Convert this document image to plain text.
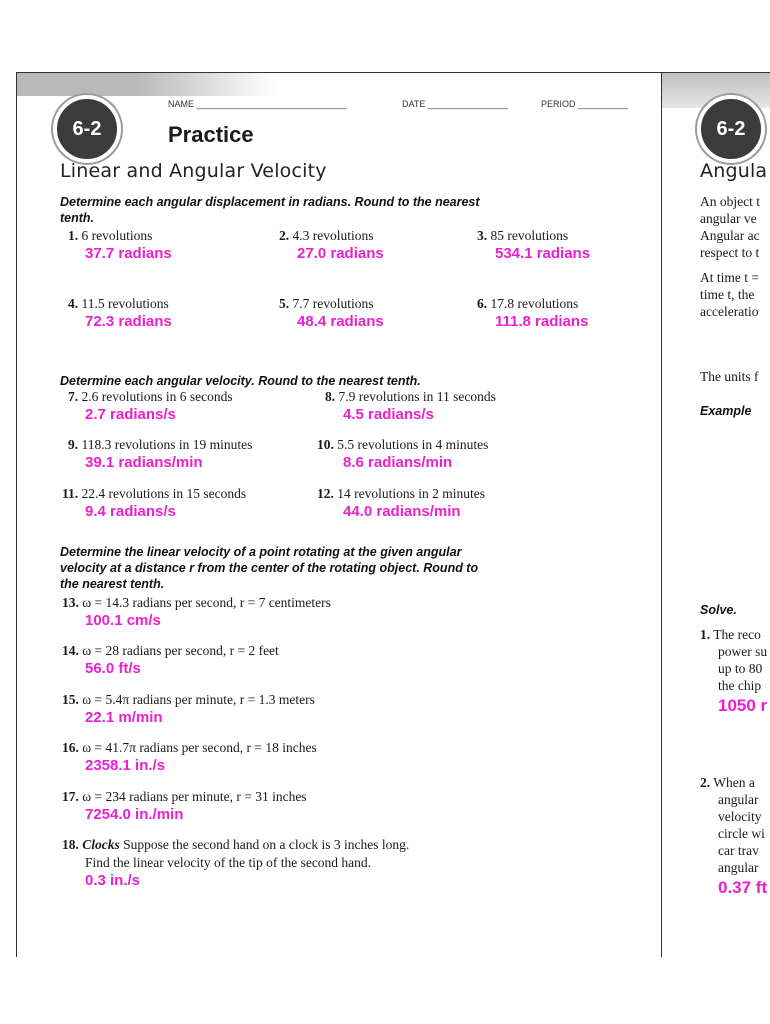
6-2
NAME ______________________________	DATE ________________	PERIOD __________
Practice
Linear and Angular Velocity
Determine each angular displacement in radians. Round to the nearest tenth.
1. 6 revolutions
37.7 radians
2. 4.3 revolutions
27.0 radians
3. 85 revolutions
534.1 radians
4. 11.5 revolutions
72.3 radians
5. 7.7 revolutions
48.4 radians
6. 17.8 revolutions
111.8 radians
Determine each angular velocity. Round to the nearest tenth.
7. 2.6 revolutions in 6 seconds
2.7 radians/s
8. 7.9 revolutions in 11 seconds
4.5 radians/s
9. 118.3 revolutions in 19 minutes
39.1 radians/min
10. 5.5 revolutions in 4 minutes
8.6 radians/min
11. 22.4 revolutions in 15 seconds
9.4 radians/s
12. 14 revolutions in 2 minutes
44.0 radians/min
Determine the linear velocity of a point rotating at the given angular velocity at a distance r from the center of the rotating object. Round to the nearest tenth.
13. ω = 14.3 radians per second, r = 7 centimeters
100.1 cm/s
14. ω = 28 radians per second, r = 2 feet
56.0 ft/s
15. ω = 5.4π radians per minute, r = 1.3 meters
22.1 m/min
16. ω = 41.7π radians per second, r = 18 inches
2358.1 in./s
17. ω = 234 radians per minute, r = 31 inches
7254.0 in./min
18. Clocks Suppose the second hand on a clock is 3 inches long.
Find the linear velocity of the tip of the second hand.
0.3 in./s
6-2
Angula
An object t
angular ve
Angular ac
respect to t
At time t =
time t, the
acceleratio
The units f
Example
Solve.
1. The reco
power su
up to 80
the chip
1050 r
2. When a
angular
velocity
circle wi
car trav
angular
0.37 ft
